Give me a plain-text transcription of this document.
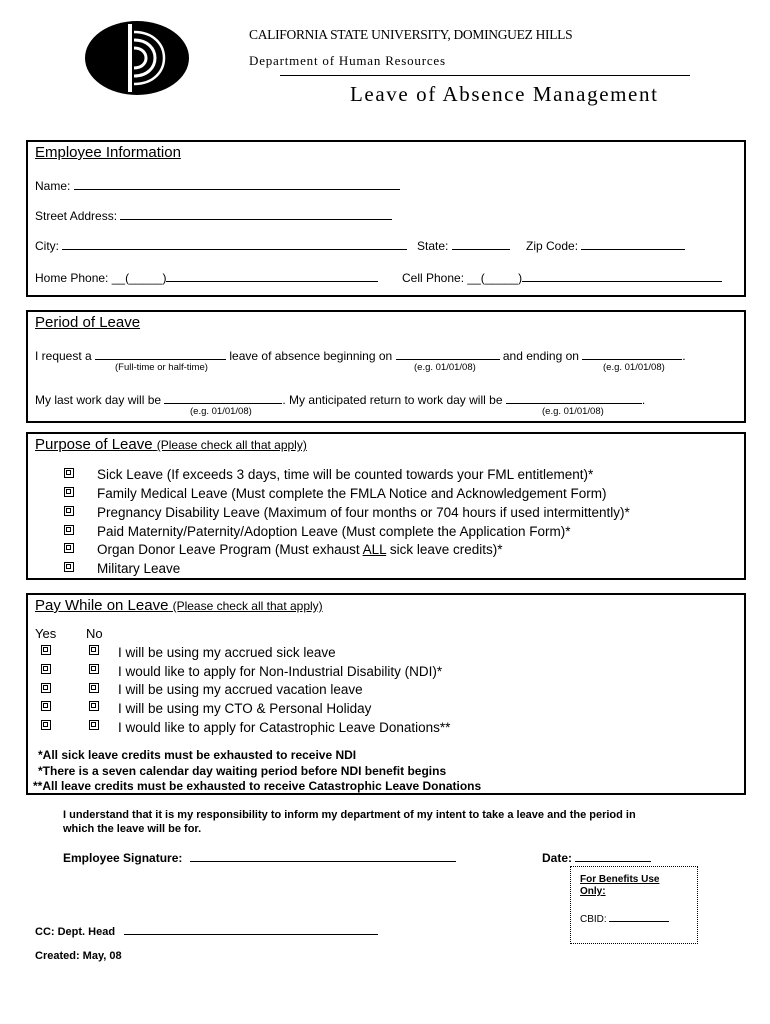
CALIFORNIA STATE UNIVERSITY, DOMINGUEZ HILLS
Department of Human Resources
Leave of Absence Management
Employee Information
Name:
Street Address:
City:	State:	Zip Code:
Home Phone: __(_____)	Cell Phone: __(_____)
Period of Leave
I request a	leave of absence beginning on	and ending on	.
(Full-time or half-time)	(e.g. 01/01/08)	(e.g. 01/01/08)
My last work day will be	. My anticipated return to work day will be	.
(e.g. 01/01/08)	(e.g. 01/01/08)
Purpose of Leave (Please check all that apply)
Sick Leave (If exceeds 3 days, time will be counted towards your FML entitlement)*
Family Medical Leave (Must complete the FMLA Notice and Acknowledgement Form)
Pregnancy Disability Leave (Maximum of four months or 704 hours if used intermittently)*
Paid Maternity/Paternity/Adoption Leave (Must complete the Application Form)*
Organ Donor Leave Program (Must exhaust ALL sick leave credits)*
Military Leave
Pay While on Leave (Please check all that apply)
Yes No
I will be using my accrued sick leave
I would like to apply for Non-Industrial Disability (NDI)*
I will be using my accrued vacation leave
I will be using my CTO & Personal Holiday
I would like to apply for Catastrophic Leave Donations**
*All sick leave credits must be exhausted to receive NDI
*There is a seven calendar day waiting period before NDI benefit begins
**All leave credits must be exhausted to receive Catastrophic Leave Donations
I understand that it is my responsibility to inform my department of my intent to take a leave and the period in
which the leave will be for.
Employee Signature:	Date:
For Benefits Use
Only:
CBID:
CC: Dept. Head
Created: May, 08
